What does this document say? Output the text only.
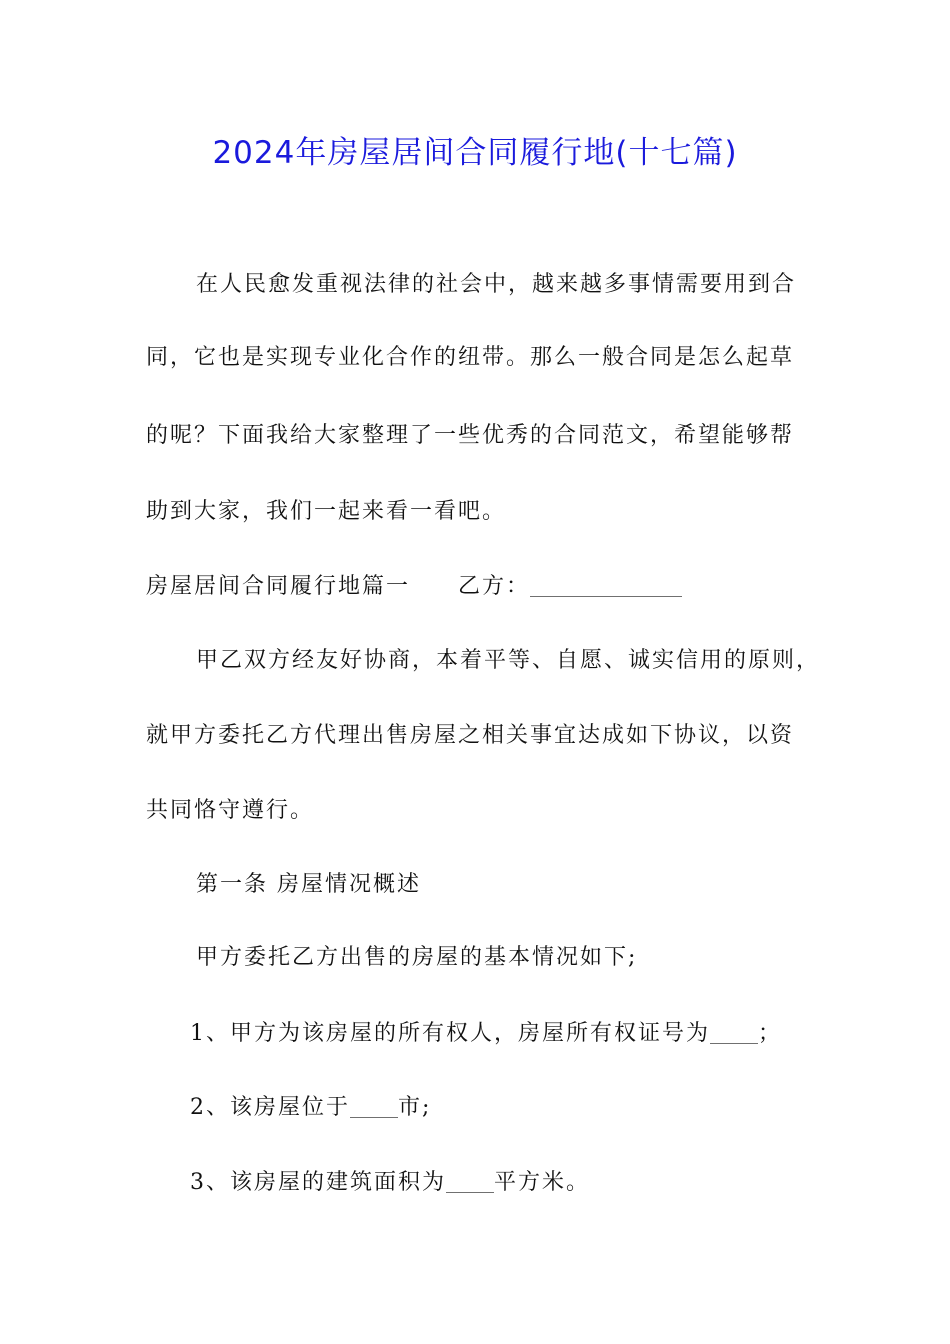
2024年房屋居间合同履行地(十七篇)
在人民愈发重视法律的社会中，越来越多事情需要用到合
同，它也是实现专业化合作的纽带。那么一般合同是怎么起草
的呢？下面我给大家整理了一些优秀的合同范文，希望能够帮
助到大家，我们一起来看一看吧。
房屋居间合同履行地篇一 乙方：___________________
甲乙双方经友好协商，本着平等、自愿、诚实信用的原则，
就甲方委托乙方代理出售房屋之相关事宜达成如下协议，以资
共同恪守遵行。
第一条 房屋情况概述
甲方委托乙方出售的房屋的基本情况如下;
1、甲方为该房屋的所有权人，房屋所有权证号为______；
2、该房屋位于______市;
3、该房屋的建筑面积为______平方米。
